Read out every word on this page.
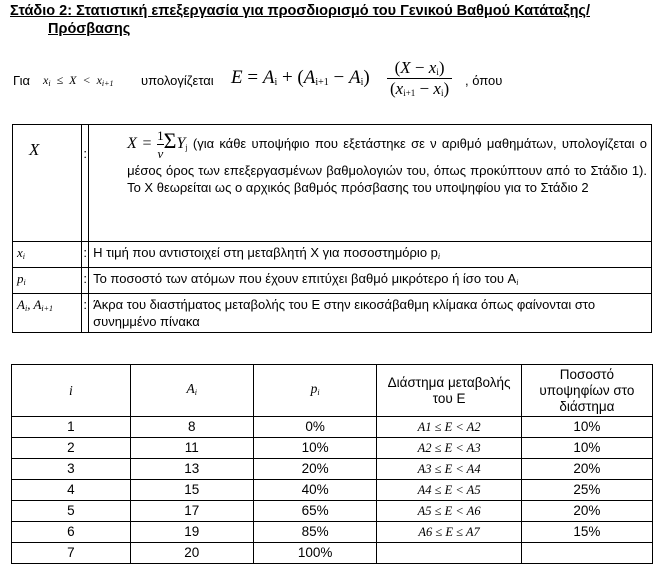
Στάδιο 2: Στατιστική επεξεργασία για προσδιορισμό του Γενικού Βαθμού Κατάταξης/
Πρόσβασης
Για $x_i \le X < x_{i+1}$ υπολογίζεται $E = A_i + (A_{i+1} - A_i) \frac{(X - x_i)}{(x_{i+1} - x_i)}$ , όπου
X	:	$X = \frac{1}{\nu} \Sigma Y_j$ (για κάθε υποψήφιο που εξετάστηκε σε ν αριθμό μαθημάτων, υπολογίζεται ο μέσος όρος των επεξεργασμένων βαθμολογιών του, όπως προκύπτουν από το Στάδιο 1). Το X θεωρείται ως ο αρχικός βαθμός πρόσβασης του υποψηφίου για το Στάδιο 2
$x_i$	:	Η τιμή που αντιστοιχεί στη μεταβλητή X για ποσοστημόριο $p_i$
$p_i$	:	Το ποσοστό των ατόμων που έχουν επιτύχει βαθμό μικρότερο ή ίσο του $A_i$
$A_i$, $A_{i+1}$	:	Άκρα του διαστήματος μεταβολής του E στην εικοσάβαθμη κλίμακα όπως φαίνονται στο συνημμένο πίνακα
i	$A_i$	$p_i$	Διάστημα μεταβολής του E	Ποσοστό υποψηφίων στο διάστημα
1	8	0%	A1 ≤ E < A2	10%
2	11	10%	A2 ≤ E < A3	10%
3	13	20%	A3 ≤ E < A4	20%
4	15	40%	A4 ≤ E < A5	25%
5	17	65%	A5 ≤ E < A6	20%
6	19	85%	A6 ≤ E ≤ A7	15%
7	20	100%		
